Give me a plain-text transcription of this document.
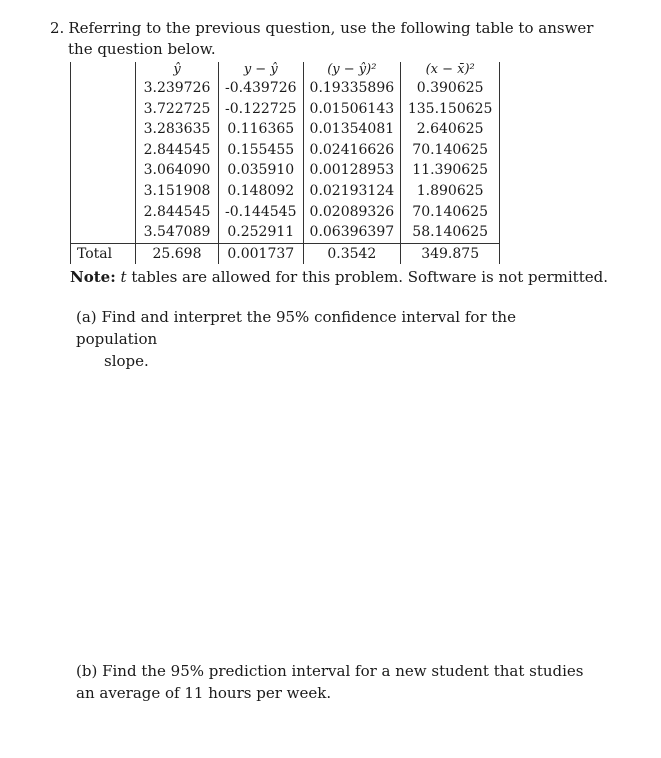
2. Referring to the previous question, use the following table to answer
the question below.
	ŷ	y − ŷ	(y − ŷ)²	(x − x̄)²
	3.239726	-0.439726	0.19335896	0.390625
	3.722725	-0.122725	0.01506143	135.150625
	3.283635	0.116365	0.01354081	2.640625
	2.844545	0.155455	0.02416626	70.140625
	3.064090	0.035910	0.00128953	11.390625
	3.151908	0.148092	0.02193124	1.890625
	2.844545	-0.144545	0.02089326	70.140625
	3.547089	0.252911	0.06396397	58.140625
Total	25.698	0.001737	0.3542	349.875
Note: t tables are allowed for this problem. Software is not permitted.
(a) Find and interpret the 95% confidence interval for the population
slope.
(b) Find the 95% prediction interval for a new student that studies
an average of 11 hours per week.
